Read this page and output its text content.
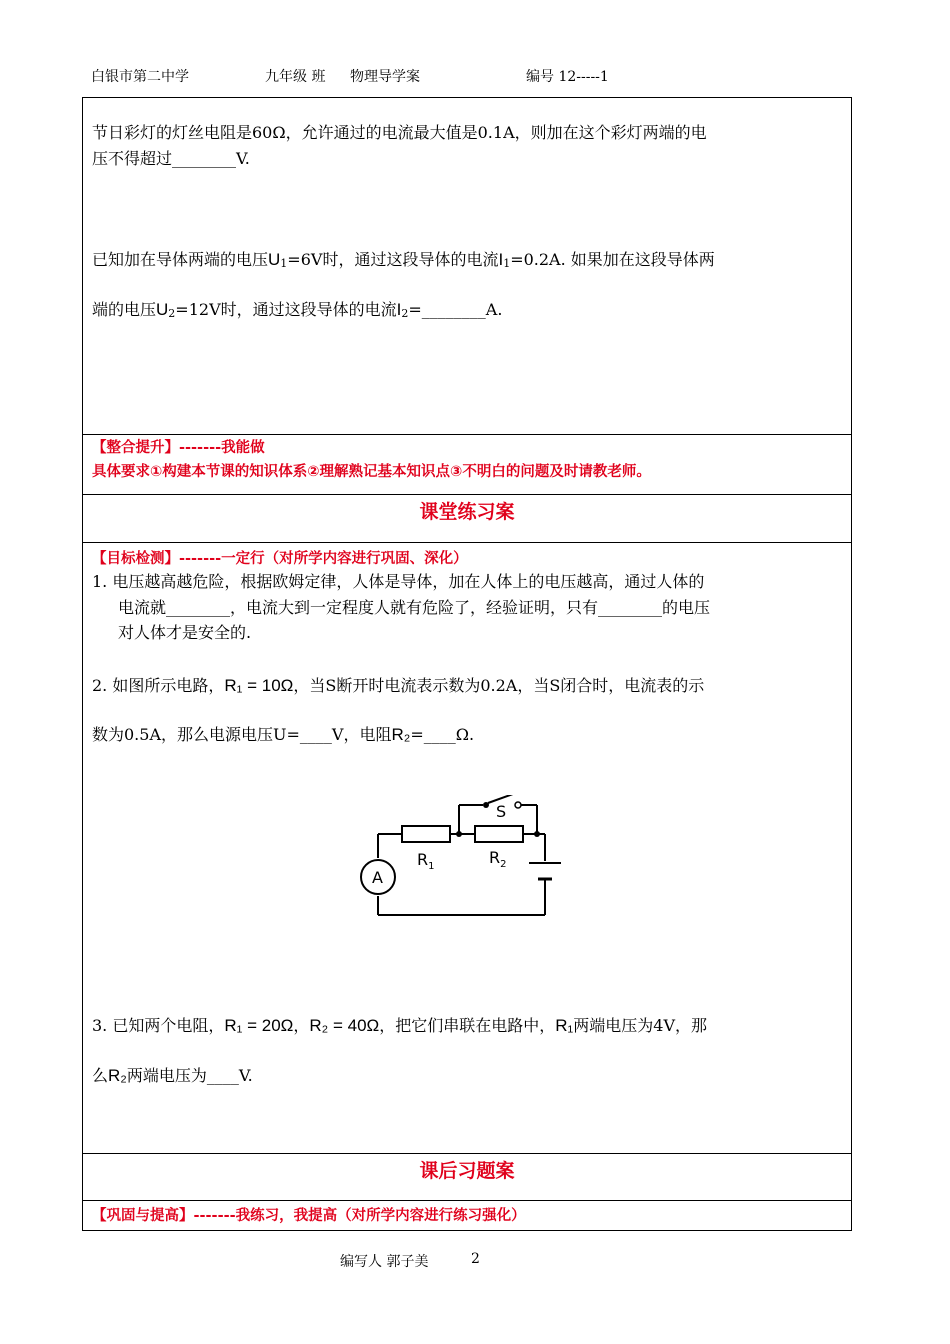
白银市第二中学	九年级 班 物理导学案	编号 12-----1
节日彩灯的灯丝电阻是60Ω，允许通过的电流最大值是0.1A，则加在这个彩灯两端的电
压不得超过________V.
已知加在导体两端的电压U1=6V时，通过这段导体的电流I1=0.2A. 如果加在这段导体两
端的电压U2=12V时，通过这段导体的电流I2=________A.
【整合提升】-------我能做
具体要求①构建本节课的知识体系②理解熟记基本知识点③不明白的问题及时请教老师。
课堂练习案
【目标检测】-------一定行（对所学内容进行巩固、深化）
1. 电压越高越危险，根据欧姆定律，人体是导体，加在人体上的电压越高，通过人体的
电流就________，电流大到一定程度人就有危险了，经验证明，只有________的电压
对人体才是安全的.
2. 如图所示电路，R₁ = 10Ω，当S断开时电流表示数为0.2A，当S闭合时，电流表的示
数为0.5A，那么电源电压U=____V，电阻R₂=____Ω.
S
$R_1$	$R_2$
A
3. 已知两个电阻，R₁ = 20Ω，R₂ = 40Ω，把它们串联在电路中，R₁两端电压为4V，那
么R₂两端电压为____V.
课后习题案
【巩固与提高】-------我练习，我提高（对所学内容进行练习强化）
编写人 郭子美	2
